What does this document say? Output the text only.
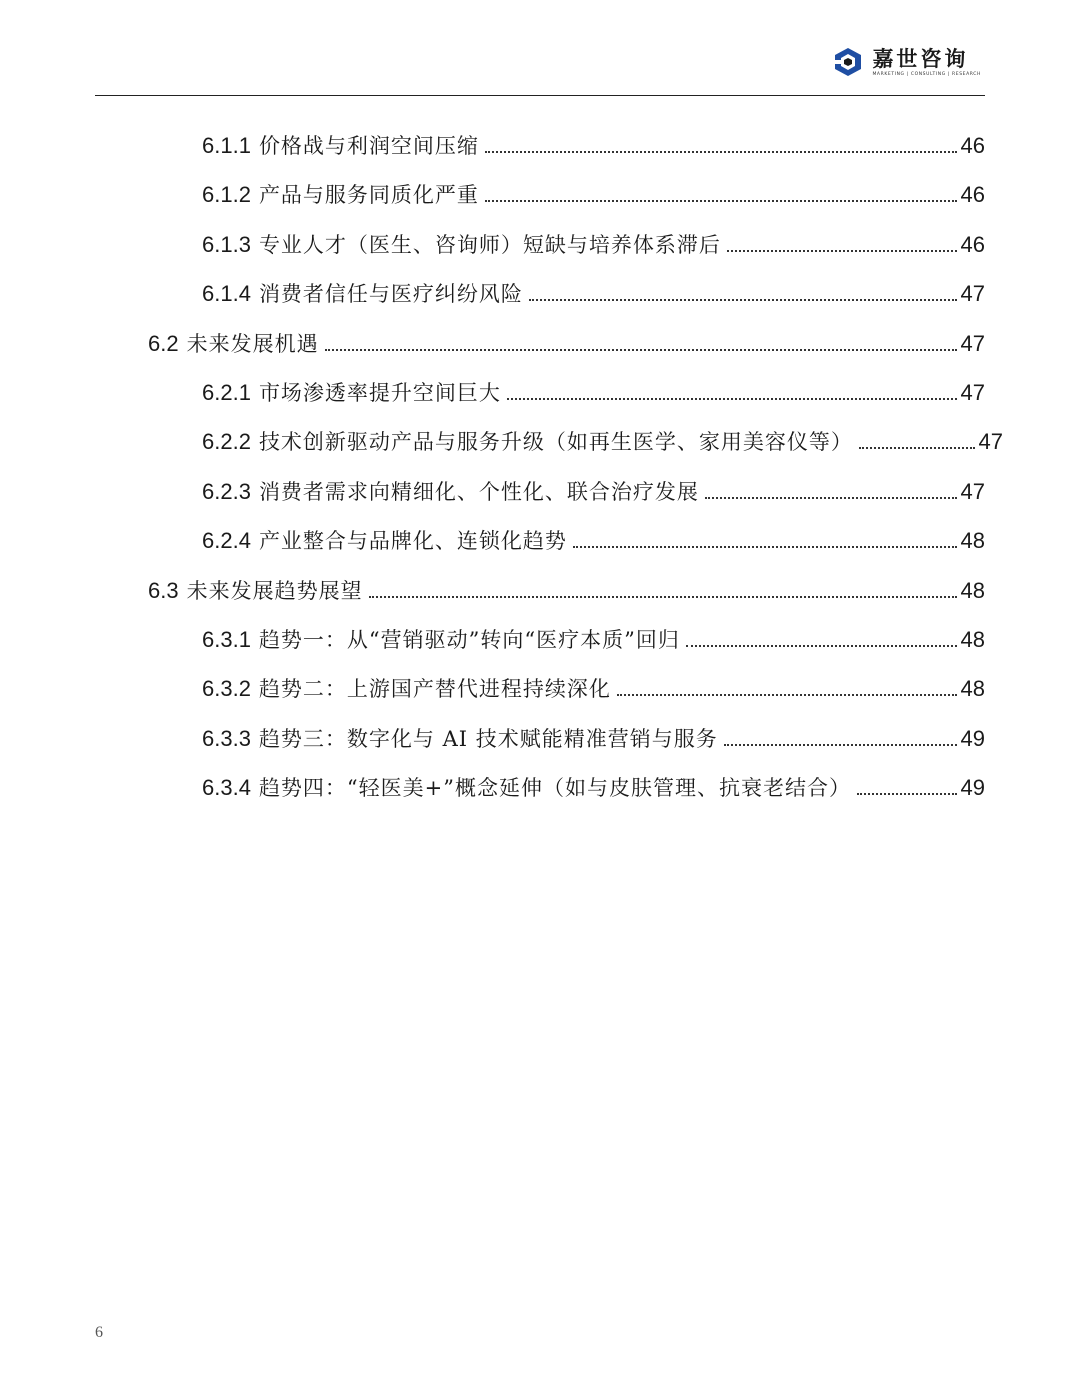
嘉世咨询
MARKETING | CONSULTING | RESEARCH
6.1.1 价格战与利润空间压缩	46
6.1.2 产品与服务同质化严重	46
6.1.3 专业人才（医生、咨询师）短缺与培养体系滞后	46
6.1.4 消费者信任与医疗纠纷风险	47
6.2 未来发展机遇	47
6.2.1 市场渗透率提升空间巨大	47
6.2.2 技术创新驱动产品与服务升级（如再生医学、家用美容仪等）	47
6.2.3 消费者需求向精细化、个性化、联合治疗发展	47
6.2.4 产业整合与品牌化、连锁化趋势	48
6.3 未来发展趋势展望	48
6.3.1 趋势一：从“营销驱动”转向“医疗本质”回归	48
6.3.2 趋势二：上游国产替代进程持续深化	48
6.3.3 趋势三：数字化与 AI 技术赋能精准营销与服务	49
6.3.4 趋势四：“轻医美+”概念延伸（如与皮肤管理、抗衰老结合）	49
6
